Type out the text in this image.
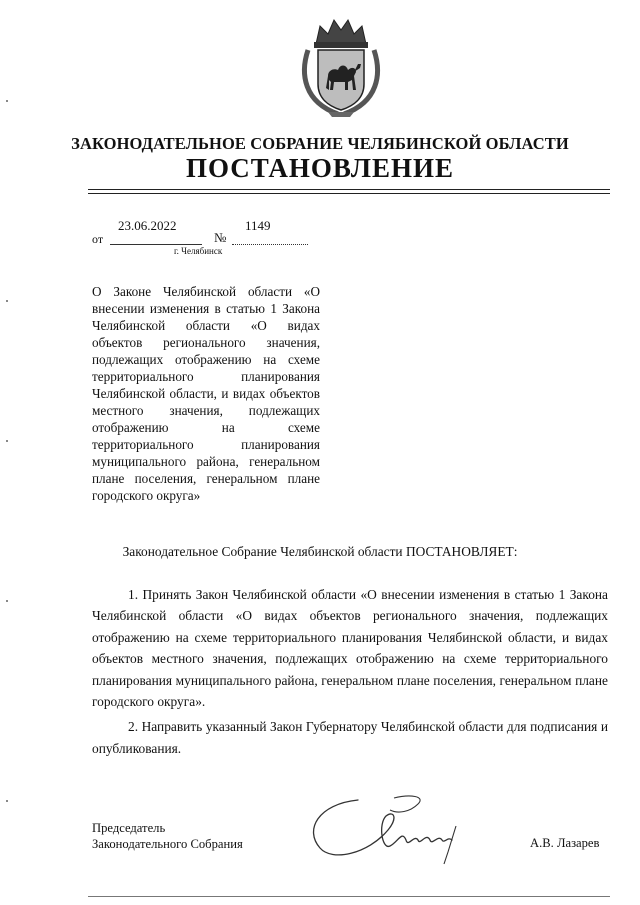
ЗАКОНОДАТЕЛЬНОЕ СОБРАНИЕ ЧЕЛЯБИНСКОЙ ОБЛАСТИ
ПОСТАНОВЛЕНИЕ
от
23.06.2022
№
1149
г. Челябинск
О Законе Челябинской области «О внесении изменения в статью 1 Закона Челябинской области «О видах объектов регионального значения, подлежащих отображению на схеме территориального планирования Челябинской области, и видах объектов местного значения, подлежащих отображению на схеме территориального планирования муниципального района, генеральном плане поселения, генеральном плане городского округа»
Законодательное Собрание Челябинской области ПОСТАНОВЛЯЕТ:

1. Принять Закон Челябинской области «О внесении изменения в статью 1 Закона Челябинской области «О видах объектов регионального значения, подлежащих отображению на схеме территориального планирования Челябинской области, и видах объектов местного значения, подлежащих отображению на схеме территориального планирования муниципального района, генеральном плане поселения, генеральном плане городского округа».

2. Направить указанный Закон Губернатору Челябинской области для подписания и опубликования.

Председатель
Законодательного Собрания	А.В. Лазарев
